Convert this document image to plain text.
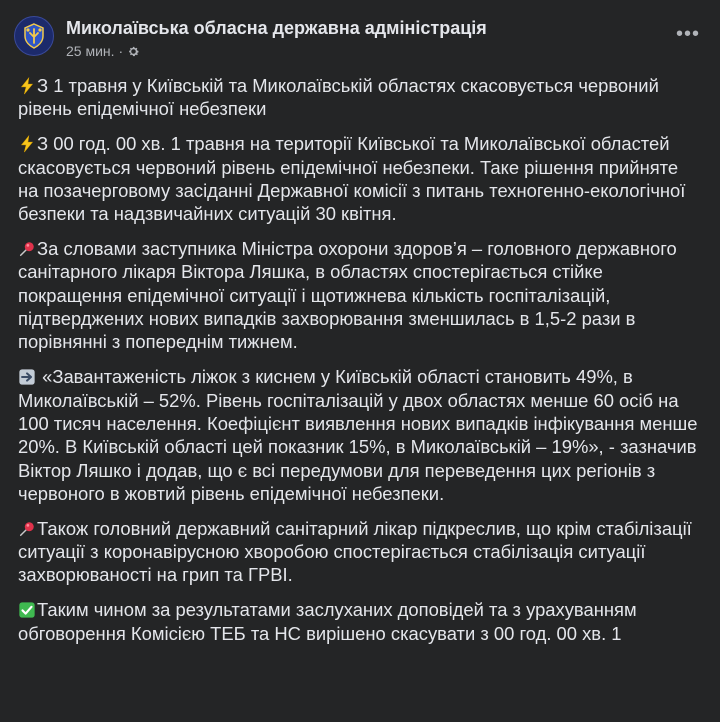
Миколаївська обласна державна адміністрація
25 мин. ·
•••

З 1 травня у Київській та Миколаївській областях скасовується червоний рівень епідемічної небезпеки

З 00 год. 00 хв. 1 травня на території Київської та Миколаївської областей скасовується червоний рівень епідемічної небезпеки. Таке рішення прийняте на позачерговому засіданні Державної комісії з питань техногенно-екологічної безпеки та надзвичайних ситуацій 30 квітня.

За словами заступника Міністра охорони здоров’я – головного державного санітарного лікаря Віктора Ляшка, в областях спостерігається стійке покращення епідемічної ситуації і щотижнева кількість госпіталізацій, підтверджених нових випадків захворювання зменшилась в 1,5-2 рази в порівнянні з попереднім тижнем.

«Завантаженість ліжок з киснем у Київській області становить 49%, в Миколаївській – 52%. Рівень госпіталізацій у двох областях менше 60 осіб на 100 тисяч населення. Коефіцієнт виявлення нових випадків інфікування менше 20%. В Київській області цей показник 15%, в Миколаївській – 19%», - зазначив Віктор Ляшко і додав, що є всі передумови для переведення цих регіонів з червоного в жовтий рівень епідемічної небезпеки.

Також головний державний санітарний лікар підкреслив, що крім стабілізації ситуації з коронавірусною хворобою спостерігається стабілізація ситуації захворюваності на грип та ГРВІ.

Таким чином за результатами заслуханих доповідей та з урахуванням обговорення Комісією ТЕБ та НС вирішено скасувати з 00 год. 00 хв. 1
